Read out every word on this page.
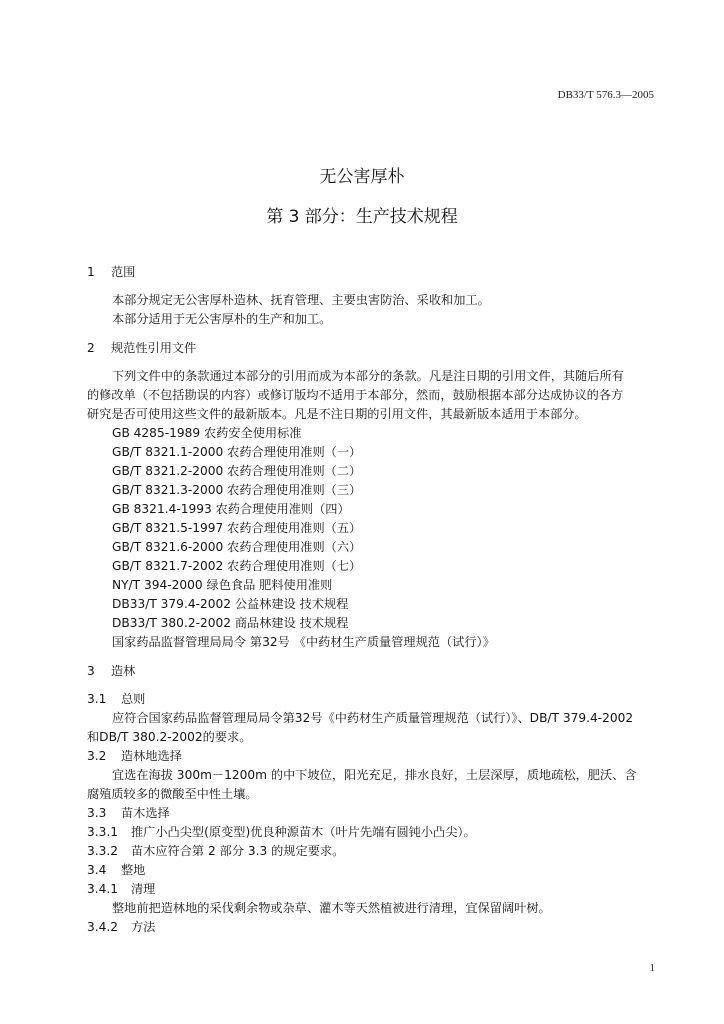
DB33/T 576.3—2005
无公害厚朴
第 3 部分：生产技术规程
1 范围
本部分规定无公害厚朴造林、抚育管理、主要虫害防治、采收和加工。
本部分适用于无公害厚朴的生产和加工。
2 规范性引用文件
下列文件中的条款通过本部分的引用而成为本部分的条款。凡是注日期的引用文件，其随后所有
的修改单（不包括勘误的内容）或修订版均不适用于本部分，然而，鼓励根据本部分达成协议的各方
研究是否可使用这些文件的最新版本。凡是不注日期的引用文件，其最新版本适用于本部分。
GB 4285-1989 农药安全使用标准
GB/T 8321.1-2000 农药合理使用准则（一）
GB/T 8321.2-2000 农药合理使用准则（二）
GB/T 8321.3-2000 农药合理使用准则（三）
GB 8321.4-1993 农药合理使用准则（四）
GB/T 8321.5-1997 农药合理使用准则（五）
GB/T 8321.6-2000 农药合理使用准则（六）
GB/T 8321.7-2002 农药合理使用准则（七）
NY/T 394-2000 绿色食品 肥料使用准则
DB33/T 379.4-2002 公益林建设 技术规程
DB33/T 380.2-2002 商品林建设 技术规程
国家药品监督管理局局令 第32号 《中药材生产质量管理规范（试行）》
3 造林
3.1 总则
应符合国家药品监督管理局局令第32号《中药材生产质量管理规范（试行）》、DB/T 379.4-2002
和DB/T 380.2-2002的要求。
3.2 造林地选择
宜选在海拔 300m－1200m 的中下坡位，阳光充足，排水良好，土层深厚，质地疏松，肥沃、含
腐殖质较多的微酸至中性土壤。
3.3 苗木选择
3.3.1 推广小凸尖型(原变型)优良种源苗木（叶片先端有圆钝小凸尖）。
3.3.2 苗木应符合第 2 部分 3.3 的规定要求。
3.4 整地
3.4.1 清理
整地前把造林地的采伐剩余物或杂草、灌木等天然植被进行清理，宜保留阔叶树。
3.4.2 方法
1
